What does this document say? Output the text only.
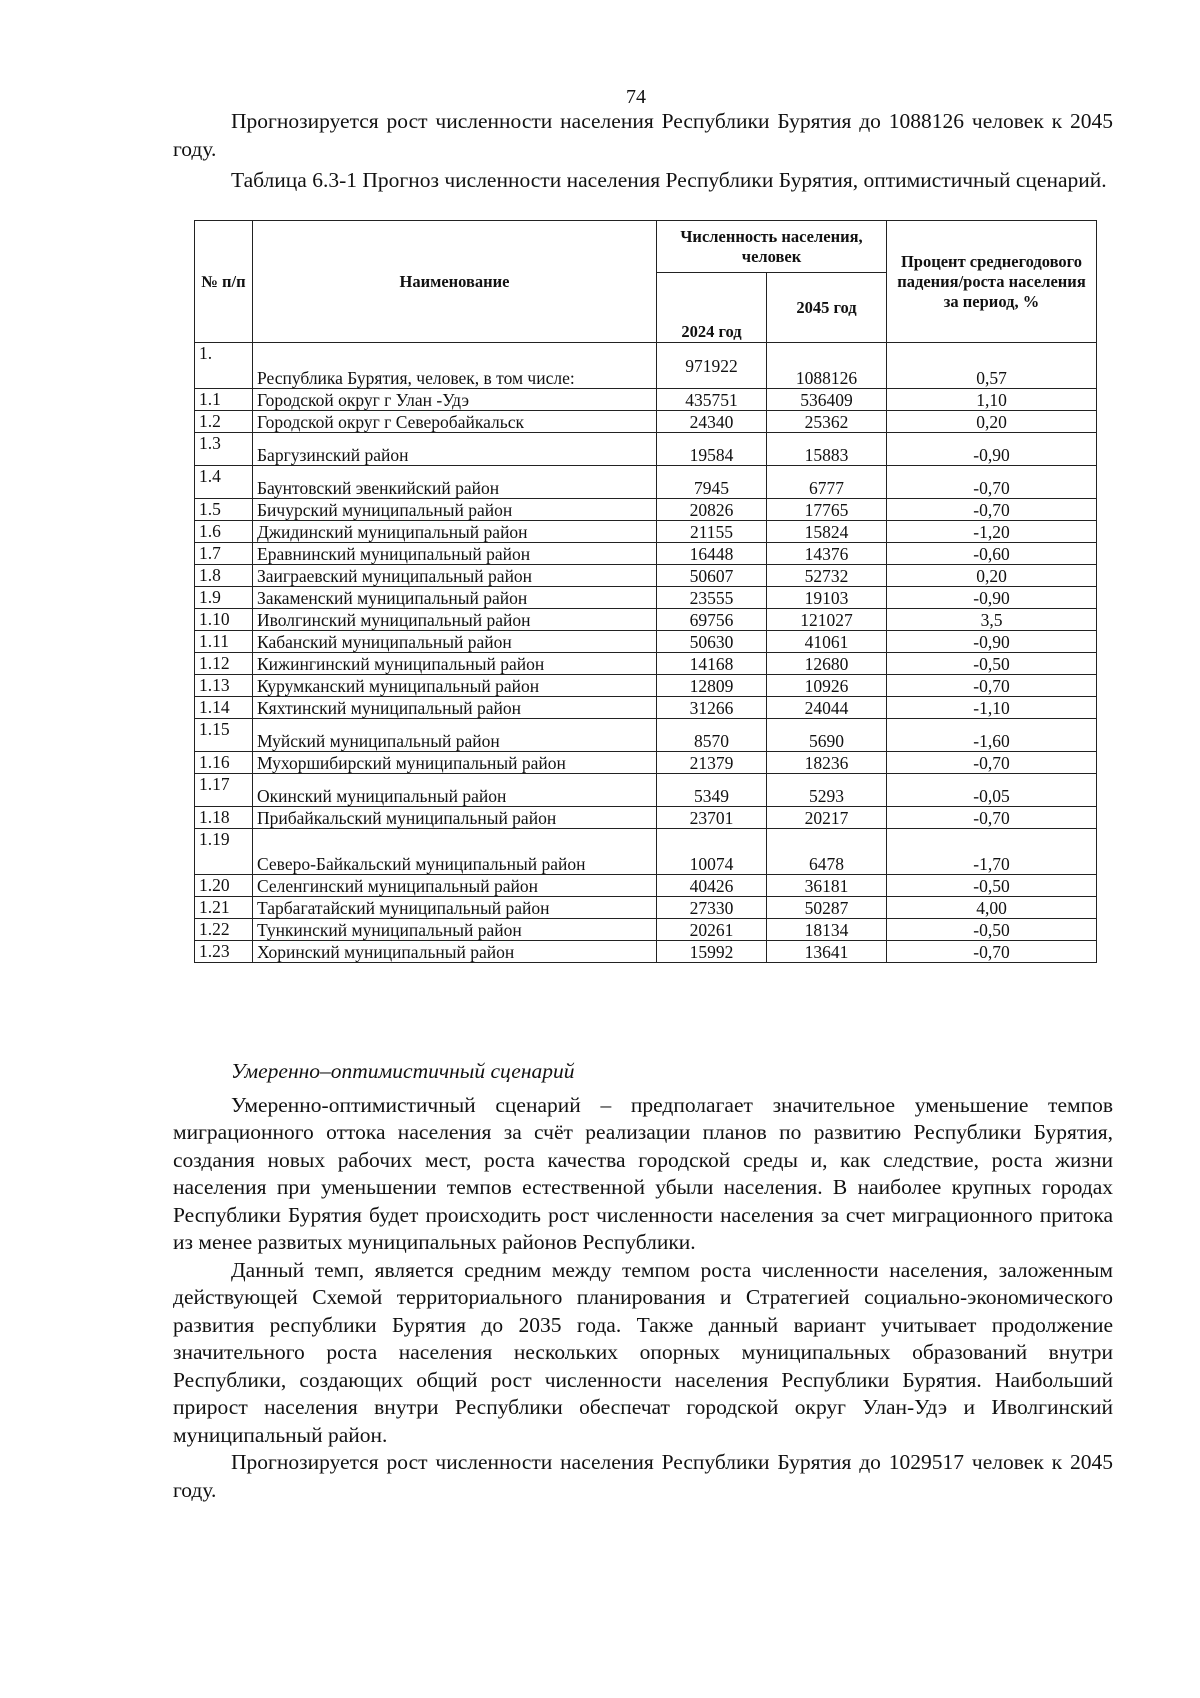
74

Прогнозируется рост численности населения Республики Бурятия до 1088126 человек к 2045 году.

Таблица 6.3-1 Прогноз численности населения Республики Бурятия, оптимистичный сценарий.

№ п/п	Наименование	Численность населения, человек		Процент среднегодового падения/роста населения за период, %
		2024 год	2045 год	
1.	Республика Бурятия, человек, в том числе:	971922	1088126	0,57
1.1	Городской округ г Улан -Удэ	435751	536409	1,10
1.2	Городской округ г Северобайкальск	24340	25362	0,20
1.3	Баргузинский район	19584	15883	-0,90
1.4	Баунтовский эвенкийский район	7945	6777	-0,70
1.5	Бичурский муниципальный район	20826	17765	-0,70
1.6	Джидинский муниципальный район	21155	15824	-1,20
1.7	Еравнинский муниципальный район	16448	14376	-0,60
1.8	Заиграевский муниципальный район	50607	52732	0,20
1.9	Закаменский муниципальный район	23555	19103	-0,90
1.10	Иволгинский муниципальный район	69756	121027	3,5
1.11	Кабанский муниципальный район	50630	41061	-0,90
1.12	Кижингинский муниципальный район	14168	12680	-0,50
1.13	Курумканский муниципальный район	12809	10926	-0,70
1.14	Кяхтинский муниципальный район	31266	24044	-1,10
1.15	Муйский муниципальный район	8570	5690	-1,60
1.16	Мухоршибирский муниципальный район	21379	18236	-0,70
1.17	Окинский муниципальный район	5349	5293	-0,05
1.18	Прибайкальский муниципальный район	23701	20217	-0,70
1.19	Северо-Байкальский муниципальный район	10074	6478	-1,70
1.20	Селенгинский муниципальный район	40426	36181	-0,50
1.21	Тарбагатайский муниципальный район	27330	50287	4,00
1.22	Тункинский муниципальный район	20261	18134	-0,50
1.23	Хоринский муниципальный район	15992	13641	-0,70

Умеренно–оптимистичный сценарий

Умеренно-оптимистичный сценарий – предполагает значительное уменьшение темпов миграционного оттока населения за счёт реализации планов по развитию Республики Бурятия, создания новых рабочих мест, роста качества городской среды и, как следствие, роста жизни населения при уменьшении темпов естественной убыли населения. В наиболее крупных городах Республики Бурятия будет происходить рост численности населения за счет миграционного притока из менее развитых муниципальных районов Республики.

Данный темп, является средним между темпом роста численности населения, заложенным действующей Схемой территориального планирования и Стратегией социально-экономического развития республики Бурятия до 2035 года. Также данный вариант учитывает продолжение значительного роста населения нескольких опорных муниципальных образований внутри Республики, создающих общий рост численности населения Республики Бурятия. Наибольший прирост населения внутри Республики обеспечат городской округ Улан-Удэ и Иволгинский муниципальный район.

Прогнозируется рост численности населения Республики Бурятия до 1029517 человек к 2045 году.
